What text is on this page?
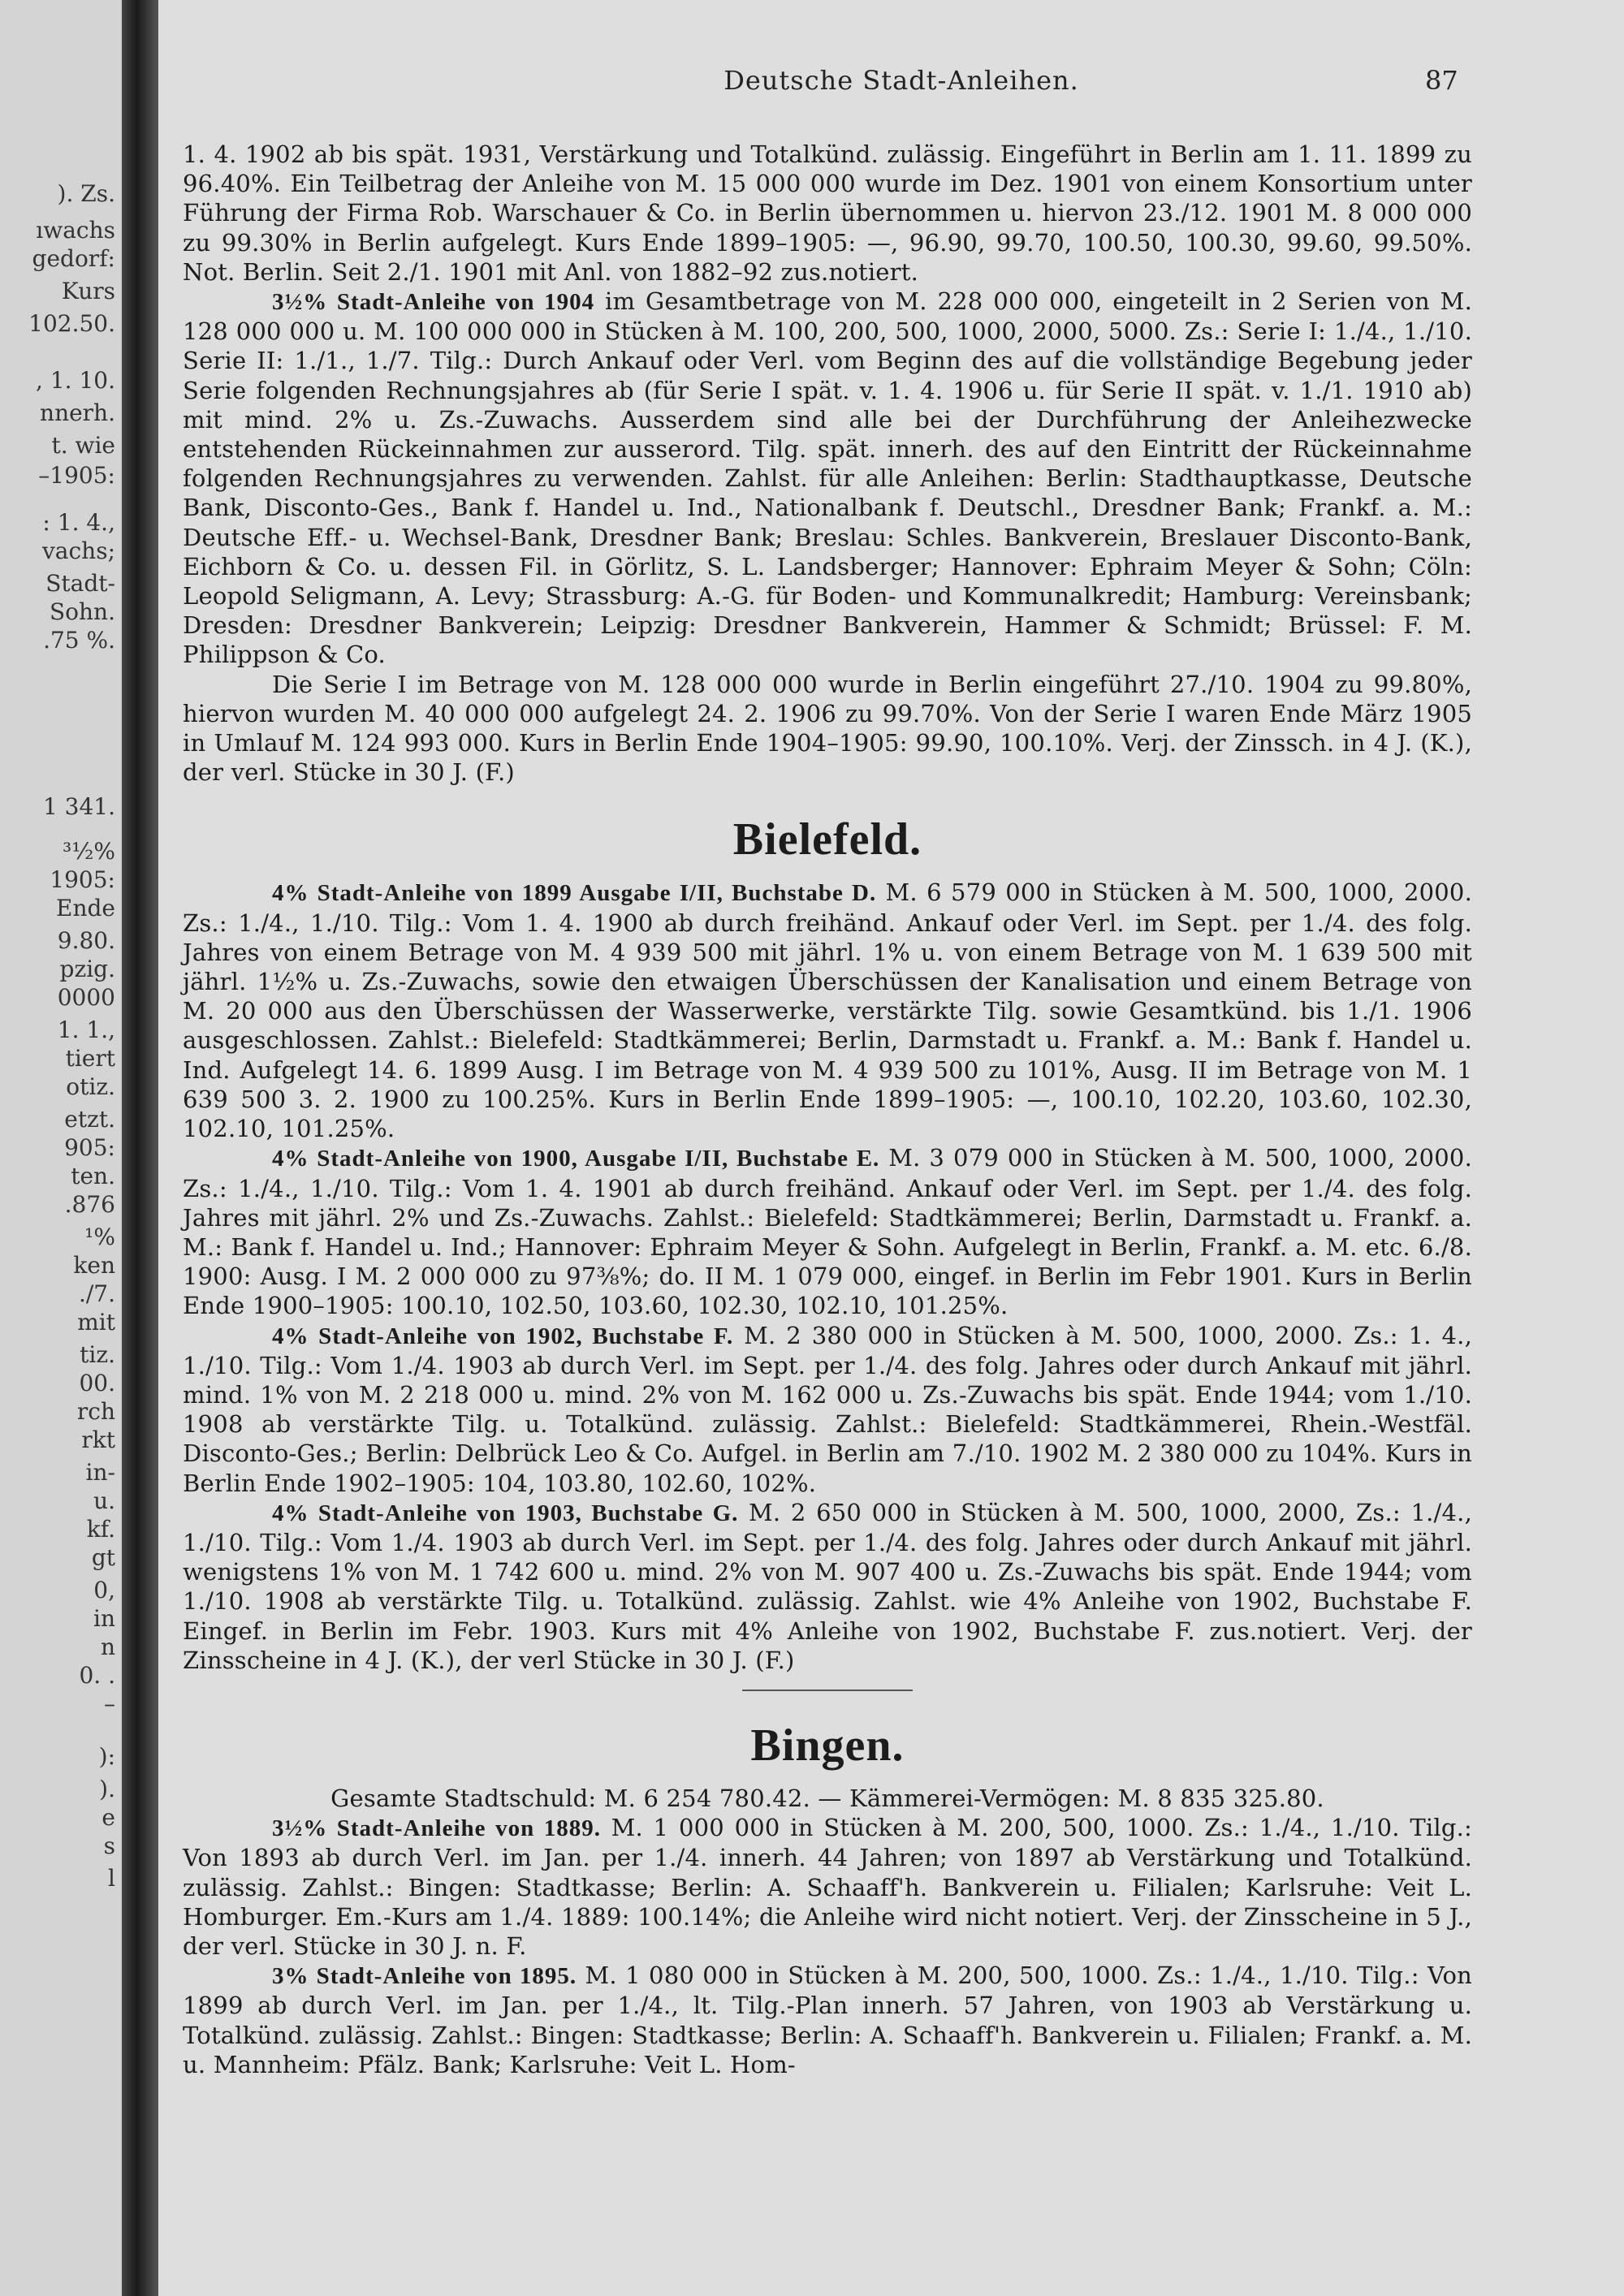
). Zs.
ıwachs
gedorf:
Kurs
102.50.
, 1. 10.
nnerh.
t. wie
–1905:
: 1. 4.,
vachs;
Stadt-
Sohn.
.75 %.
1 341.
³½%
1905:
Ende
9.80.
pzig.
0000
1. 1.,
tiert
otiz.
etzt.
905:
ten.
.876
¹%
ken
./7.
mit
tiz.
00.
rch
rkt
in-
u.
kf.
gt
0,
in
n
0. .
–
):
).
e
s
l
Deutsche Stadt-Anleihen.	87

1. 4. 1902 ab bis spät. 1931, Verstärkung und Totalkünd. zulässig. Eingeführt in Berlin am 1. 11. 1899 zu 96.40%. Ein Teilbetrag der Anleihe von M. 15 000 000 wurde im Dez. 1901 von einem Konsortium unter Führung der Firma Rob. Warschauer & Co. in Berlin übernommen u. hiervon 23./12. 1901 M. 8 000 000 zu 99.30% in Berlin aufgelegt. Kurs Ende 1899–1905: —, 96.90, 99.70, 100.50, 100.30, 99.60, 99.50%. Not. Berlin. Seit 2./1. 1901 mit Anl. von 1882–92 zus.notiert.

3½% Stadt-Anleihe von 1904 im Gesamtbetrage von M. 228 000 000, eingeteilt in 2 Serien von M. 128 000 000 u. M. 100 000 000 in Stücken à M. 100, 200, 500, 1000, 2000, 5000. Zs.: Serie I: 1./4., 1./10. Serie II: 1./1., 1./7. Tilg.: Durch Ankauf oder Verl. vom Beginn des auf die vollständige Begebung jeder Serie folgenden Rechnungsjahres ab (für Serie I spät. v. 1. 4. 1906 u. für Serie II spät. v. 1./1. 1910 ab) mit mind. 2% u. Zs.-Zuwachs. Ausserdem sind alle bei der Durchführung der Anleihezwecke entstehenden Rückeinnahmen zur ausserord. Tilg. spät. innerh. des auf den Eintritt der Rückeinnahme folgenden Rechnungsjahres zu verwenden. Zahlst. für alle Anleihen: Berlin: Stadthauptkasse, Deutsche Bank, Disconto-Ges., Bank f. Handel u. Ind., Nationalbank f. Deutschl., Dresdner Bank; Frankf. a. M.: Deutsche Eff.- u. Wechsel-Bank, Dresdner Bank; Breslau: Schles. Bankverein, Breslauer Disconto-Bank, Eichborn & Co. u. dessen Fil. in Görlitz, S. L. Landsberger; Hannover: Ephraim Meyer & Sohn; Cöln: Leopold Seligmann, A. Levy; Strassburg: A.-G. für Boden- und Kommunalkredit; Hamburg: Vereinsbank; Dresden: Dresdner Bankverein; Leipzig: Dresdner Bankverein, Hammer & Schmidt; Brüssel: F. M. Philippson & Co.

Die Serie I im Betrage von M. 128 000 000 wurde in Berlin eingeführt 27./10. 1904 zu 99.80%, hiervon wurden M. 40 000 000 aufgelegt 24. 2. 1906 zu 99.70%. Von der Serie I waren Ende März 1905 in Umlauf M. 124 993 000. Kurs in Berlin Ende 1904–1905: 99.90, 100.10%. Verj. der Zinssch. in 4 J. (K.), der verl. Stücke in 30 J. (F.)

Bielefeld.

4% Stadt-Anleihe von 1899 Ausgabe I/II, Buchstabe D. M. 6 579 000 in Stücken à M. 500, 1000, 2000. Zs.: 1./4., 1./10. Tilg.: Vom 1. 4. 1900 ab durch freihänd. Ankauf oder Verl. im Sept. per 1./4. des folg. Jahres von einem Betrage von M. 4 939 500 mit jährl. 1% u. von einem Betrage von M. 1 639 500 mit jährl. 1½% u. Zs.-Zuwachs, sowie den etwaigen Überschüssen der Kanalisation und einem Betrage von M. 20 000 aus den Überschüssen der Wasserwerke, verstärkte Tilg. sowie Gesamtkünd. bis 1./1. 1906 ausgeschlossen. Zahlst.: Bielefeld: Stadtkämmerei; Berlin, Darmstadt u. Frankf. a. M.: Bank f. Handel u. Ind. Aufgelegt 14. 6. 1899 Ausg. I im Betrage von M. 4 939 500 zu 101%, Ausg. II im Betrage von M. 1 639 500 3. 2. 1900 zu 100.25%. Kurs in Berlin Ende 1899–1905: —, 100.10, 102.20, 103.60, 102.30, 102.10, 101.25%.

4% Stadt-Anleihe von 1900, Ausgabe I/II, Buchstabe E. M. 3 079 000 in Stücken à M. 500, 1000, 2000. Zs.: 1./4., 1./10. Tilg.: Vom 1. 4. 1901 ab durch freihänd. Ankauf oder Verl. im Sept. per 1./4. des folg. Jahres mit jährl. 2% und Zs.-Zuwachs. Zahlst.: Bielefeld: Stadtkämmerei; Berlin, Darmstadt u. Frankf. a. M.: Bank f. Handel u. Ind.; Hannover: Ephraim Meyer & Sohn. Aufgelegt in Berlin, Frankf. a. M. etc. 6./8. 1900: Ausg. I M. 2 000 000 zu 97⅜%; do. II M. 1 079 000, eingef. in Berlin im Febr 1901. Kurs in Berlin Ende 1900–1905: 100.10, 102.50, 103.60, 102.30, 102.10, 101.25%.

4% Stadt-Anleihe von 1902, Buchstabe F. M. 2 380 000 in Stücken à M. 500, 1000, 2000. Zs.: 1. 4., 1./10. Tilg.: Vom 1./4. 1903 ab durch Verl. im Sept. per 1./4. des folg. Jahres oder durch Ankauf mit jährl. mind. 1% von M. 2 218 000 u. mind. 2% von M. 162 000 u. Zs.-Zuwachs bis spät. Ende 1944; vom 1./10. 1908 ab verstärkte Tilg. u. Totalkünd. zulässig. Zahlst.: Bielefeld: Stadtkämmerei, Rhein.-Westfäl. Disconto-Ges.; Berlin: Delbrück Leo & Co. Aufgel. in Berlin am 7./10. 1902 M. 2 380 000 zu 104%. Kurs in Berlin Ende 1902–1905: 104, 103.80, 102.60, 102%.

4% Stadt-Anleihe von 1903, Buchstabe G. M. 2 650 000 in Stücken à M. 500, 1000, 2000, Zs.: 1./4., 1./10. Tilg.: Vom 1./4. 1903 ab durch Verl. im Sept. per 1./4. des folg. Jahres oder durch Ankauf mit jährl. wenigstens 1% von M. 1 742 600 u. mind. 2% von M. 907 400 u. Zs.-Zuwachs bis spät. Ende 1944; vom 1./10. 1908 ab verstärkte Tilg. u. Totalkünd. zulässig. Zahlst. wie 4% Anleihe von 1902, Buchstabe F. Eingef. in Berlin im Febr. 1903. Kurs mit 4% Anleihe von 1902, Buchstabe F. zus.notiert. Verj. der Zinsscheine in 4 J. (K.), der verl Stücke in 30 J. (F.)

Bingen.

Gesamte Stadtschuld: M. 6 254 780.42. — Kämmerei-Vermögen: M. 8 835 325.80.

3½% Stadt-Anleihe von 1889. M. 1 000 000 in Stücken à M. 200, 500, 1000. Zs.: 1./4., 1./10. Tilg.: Von 1893 ab durch Verl. im Jan. per 1./4. innerh. 44 Jahren; von 1897 ab Verstärkung und Totalkünd. zulässig. Zahlst.: Bingen: Stadtkasse; Berlin: A. Schaaff'h. Bankverein u. Filialen; Karlsruhe: Veit L. Homburger. Em.-Kurs am 1./4. 1889: 100.14%; die Anleihe wird nicht notiert. Verj. der Zinsscheine in 5 J., der verl. Stücke in 30 J. n. F.

3% Stadt-Anleihe von 1895. M. 1 080 000 in Stücken à M. 200, 500, 1000. Zs.: 1./4., 1./10. Tilg.: Von 1899 ab durch Verl. im Jan. per 1./4., lt. Tilg.-Plan innerh. 57 Jahren, von 1903 ab Verstärkung u. Totalkünd. zulässig. Zahlst.: Bingen: Stadtkasse; Berlin: A. Schaaff'h. Bankverein u. Filialen; Frankf. a. M. u. Mannheim: Pfälz. Bank; Karlsruhe: Veit L. Hom-
